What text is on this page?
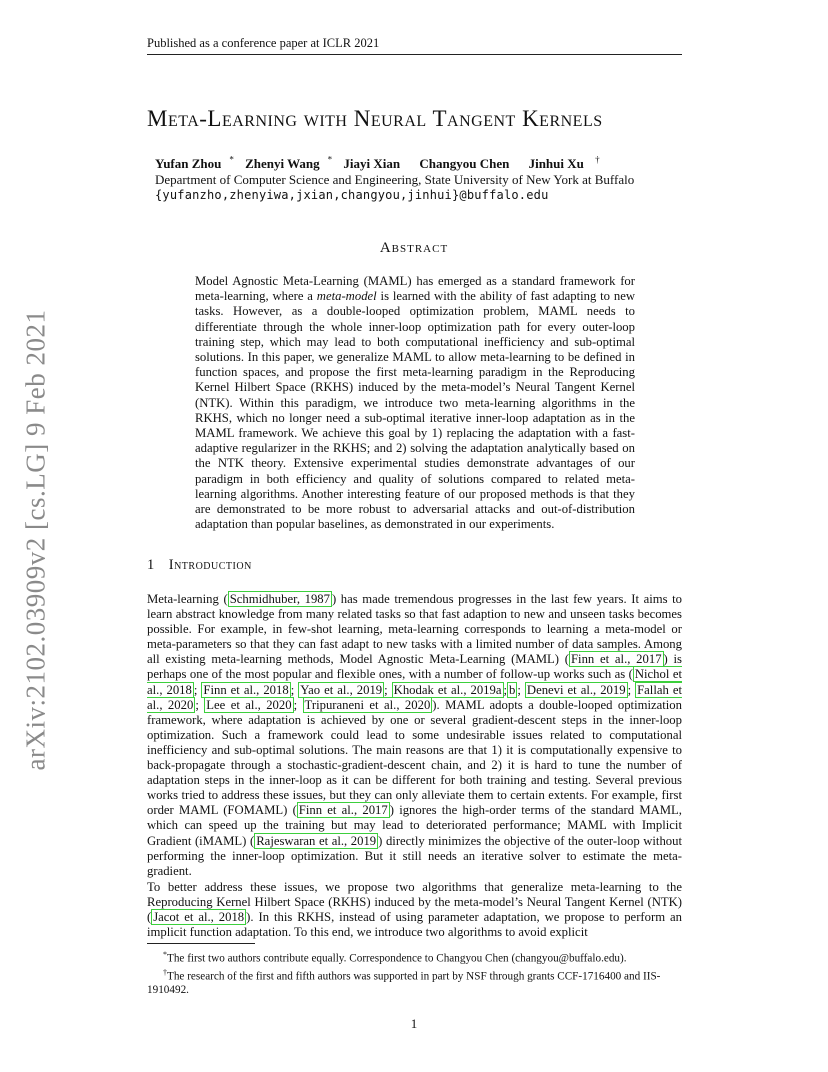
arXiv:2102.03909v2 [cs.LG] 9 Feb 2021
Published as a conference paper at ICLR 2021
Meta-Learning with Neural Tangent Kernels
Yufan Zhou * Zhenyi Wang * Jiayi Xian Changyou Chen Jinhui Xu †
Department of Computer Science and Engineering, State University of New York at Buffalo
{yufanzho,zhenyiwa,jxian,changyou,jinhui}@buffalo.edu
Abstract
Model Agnostic Meta-Learning (MAML) has emerged as a standard framework for meta-learning, where a meta-model is learned with the ability of fast adapting to new tasks. However, as a double-looped optimization problem, MAML needs to differentiate through the whole inner-loop optimization path for every outer-loop training step, which may lead to both computational inefficiency and sub-optimal solutions. In this paper, we generalize MAML to allow meta-learning to be defined in function spaces, and propose the first meta-learning paradigm in the Reproducing Kernel Hilbert Space (RKHS) induced by the meta-model’s Neural Tangent Kernel (NTK). Within this paradigm, we introduce two meta-learning algorithms in the RKHS, which no longer need a sub-optimal iterative inner-loop adaptation as in the MAML framework. We achieve this goal by 1) replacing the adaptation with a fast-adaptive regularizer in the RKHS; and 2) solving the adaptation analytically based on the NTK theory. Extensive experimental studies demonstrate advantages of our paradigm in both efficiency and quality of solutions compared to related meta-learning algorithms. Another interesting feature of our proposed methods is that they are demonstrated to be more robust to adversarial attacks and out-of-distribution adaptation than popular baselines, as demonstrated in our experiments.
1 Introduction
Meta-learning ( Schmidhuber, 1987 ) has made tremendous progresses in the last few years. It aims to learn abstract knowledge from many related tasks so that fast adaption to new and unseen tasks becomes possible. For example, in few-shot learning, meta-learning corresponds to learning a meta-model or meta-parameters so that they can fast adapt to new tasks with a limited number of data samples. Among all existing meta-learning methods, Model Agnostic Meta-Learning (MAML) ( Finn et al., 2017 ) is perhaps one of the most popular and flexible ones, with a number of follow-up works such as ( Nichol et al., 2018 ; Finn et al., 2018 ; Yao et al., 2019 ; Khodak et al., 2019a ; b ; Denevi et al., 2019 ; Fallah et al., 2020 ; Lee et al., 2020 ; Tripuraneni et al., 2020 ). MAML adopts a double-looped optimization framework, where adaptation is achieved by one or several gradient-descent steps in the inner-loop optimization. Such a framework could lead to some undesirable issues related to computational inefficiency and sub-optimal solutions. The main reasons are that 1) it is computationally expensive to back-propagate through a stochastic-gradient-descent chain, and 2) it is hard to tune the number of adaptation steps in the inner-loop as it can be different for both training and testing. Several previous works tried to address these issues, but they can only alleviate them to certain extents. For example, first order MAML (FOMAML) ( Finn et al., 2017 ) ignores the high-order terms of the standard MAML, which can speed up the training but may lead to deteriorated performance; MAML with Implicit Gradient (iMAML) ( Rajeswaran et al., 2019 ) directly minimizes the objective of the outer-loop without performing the inner-loop optimization. But it still needs an iterative solver to estimate the meta-gradient.
To better address these issues, we propose two algorithms that generalize meta-learning to the Reproducing Kernel Hilbert Space (RKHS) induced by the meta-model’s Neural Tangent Kernel (NTK) ( Jacot et al., 2018 ). In this RKHS, instead of using parameter adaptation, we propose to perform an implicit function adaptation. To this end, we introduce two algorithms to avoid explicit

*The first two authors contribute equally. Correspondence to Changyou Chen (changyou@buffalo.edu).

†The research of the first and fifth authors was supported in part by NSF through grants CCF-1716400 and IIS-1910492.

1
